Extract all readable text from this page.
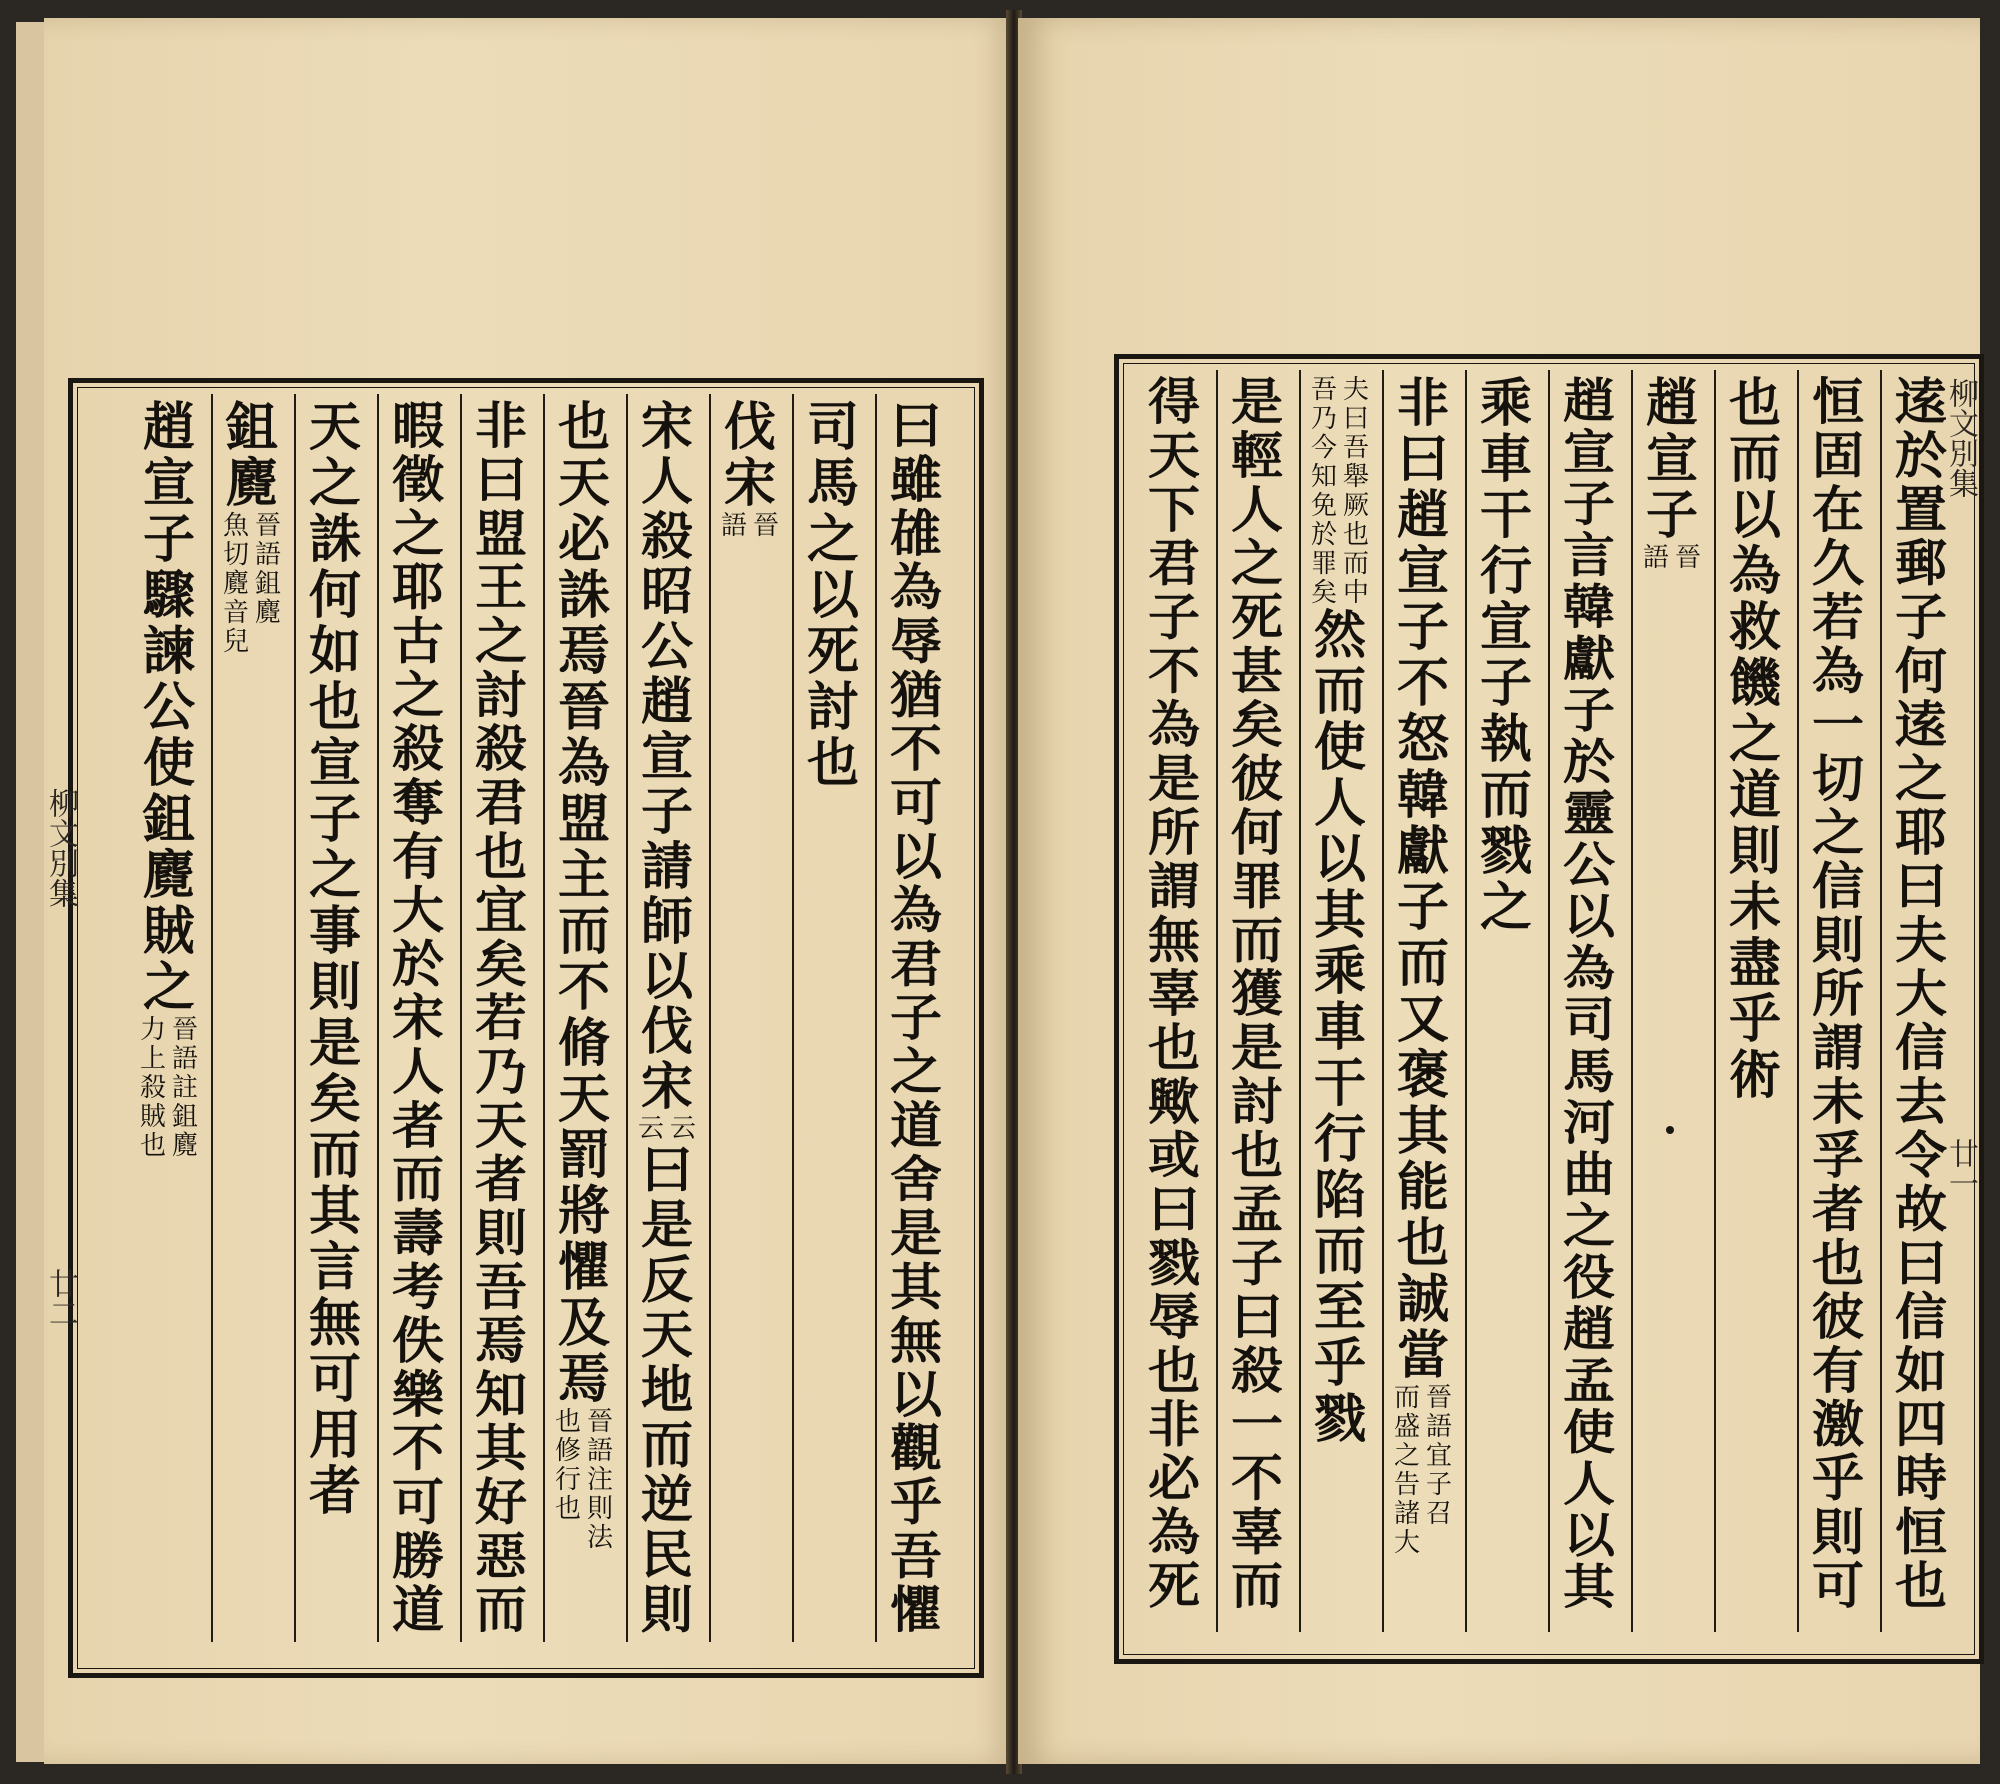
曰
雖
䧺
為
辱
猶
不
可
以
為
君
子
之
道
舍
是
其
無
以
觀
乎
吾
懼
司
馬
之
以
死
討
也
伐
宋
晉
語
宋
人
殺
昭
公
趙
宣
子
請
師
以
伐
宋
云
云
曰
是
反
天
地
而
逆
民
則
也
天
必
誅
焉
晉
為
盟
主
而
不
脩
天
罰
將
懼
及
焉
晉
語
注
則
法
也
修
行
也
非
曰
盟
王
之
討
殺
君
也
宜
矣
若
乃
天
者
則
吾
焉
知
其
好
惡
而
暇
徵
之
耶
古
之
殺
奪
有
大
於
宋
人
者
而
壽
考
佚
樂
不
可
勝
道
天
之
誅
何
如
也
宣
子
之
事
則
是
矣
而
其
言
無
可
用
者
鉏
麑
晉
語
鉏
麑
魚
切
麑
音
兒
趙
宣
子
驟
諫
公
使
鉏
麑
賊
之
晉
語
註
鉏
麑
力
上
殺
賊
也
柳文別集
廿二
逺
於
置
郵
子
何
逺
之
耶
曰
夫
大
信
去
令
故
曰
信
如
四
時
恒
也
恒
固
在
久
若
為
一
切
之
信
則
所
謂
未
孚
者
也
彼
有
激
乎
則
可
也
而
以
為
救
饑
之
道
則
未
盡
乎
術
趙
宣
子
晉
語
趙
宣
子
言
韓
獻
子
於
靈
公
以
為
司
馬
河
曲
之
役
趙
孟
使
人
以
其
乘
車
干
行
宣
子
執
而
戮
之
非
曰
趙
宣
子
不
怒
韓
獻
子
而
又
褒
其
能
也
誠
當
晉
語
宜
子
召
而
盛
之
告
諸
大
夫
曰
吾
舉
厥
也
而
中
吾
乃
今
知
免
於
罪
矣
然
而
使
人
以
其
乘
車
干
行
陷
而
至
乎
戮
是
輕
人
之
死
甚
矣
彼
何
罪
而
獲
是
討
也
孟
子
曰
殺
一
不
辜
而
得
天
下
君
子
不
為
是
所
謂
無
辜
也
歟
或
曰
戮
辱
也
非
必
為
死
柳文別集
廿一
